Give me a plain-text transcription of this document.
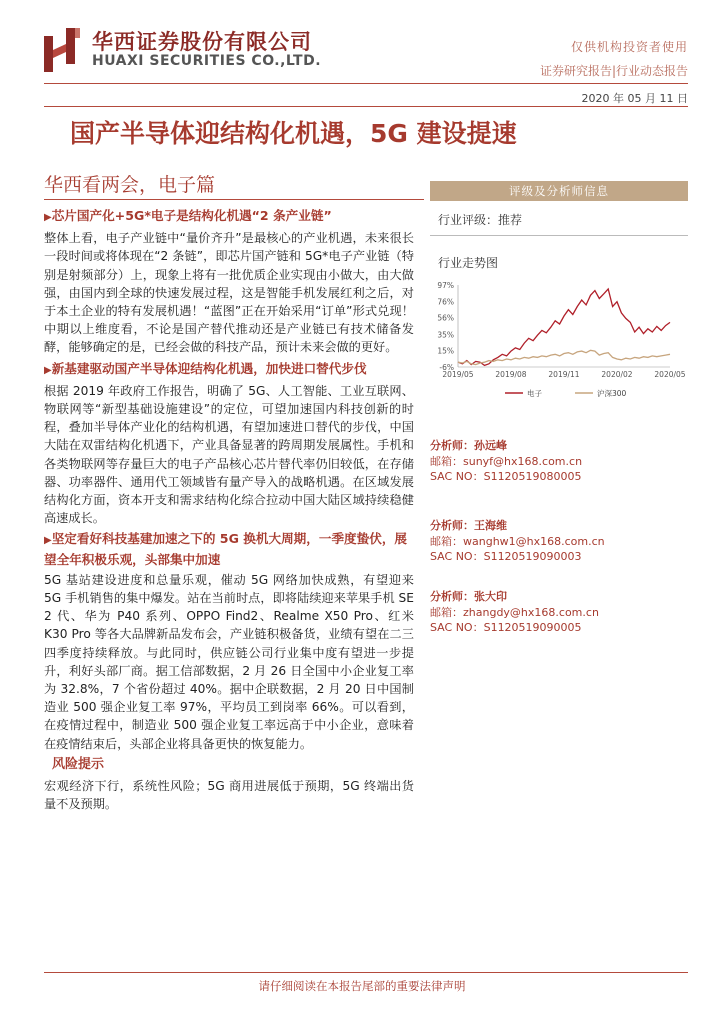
华西证券股份有限公司
HUAXI SECURITIES CO.,LTD.
仅供机构投资者使用
证券研究报告|行业动态报告
2020 年 05 月 11 日
国产半导体迎结构化机遇，5G 建设提速
华西看两会，电子篇
▶芯片国产化+5G*电子是结构化机遇“2 条产业链”
整体上看，电子产业链中“量价齐升”是最核心的产业机遇，未来很长一段时间或将体现在“2 条链”，即芯片国产链和 5G*电子产业链（特别是射频部分）上，现象上将有一批优质企业实现由小做大，由大做强，由国内到全球的快速发展过程，这是智能手机发展红利之后，对于本土企业的特有发展机遇！“蓝图”正在开始采用“订单”形式兑现！中期以上维度看，不论是国产替代推动还是产业链已有技术储备发酵，能够确定的是，已经会做的科技产品，预计未来会做的更好。
▶新基建驱动国产半导体迎结构化机遇，加快进口替代步伐
根据 2019 年政府工作报告，明确了 5G、人工智能、工业互联网、物联网等“新型基础设施建设”的定位，可望加速国内科技创新的时程，叠加半导体产业化的结构机遇，有望加速进口替代的步伐，中国大陆在双雷结构化机遇下，产业具备显著的跨周期发展属性。手机和各类物联网等存量巨大的电子产品核心芯片替代率仍旧较低，在存储器、功率器件、通用代工领域皆有量产导入的战略机遇。在区域发展结构化方面，资本开支和需求结构化综合拉动中国大陆区域持续稳健高速成长。
▶坚定看好科技基建加速之下的 5G 换机大周期，一季度蛰伏，展望全年积极乐观，头部集中加速
5G 基站建设进度和总量乐观，催动 5G 网络加快成熟，有望迎来 5G 手机销售的集中爆发。站在当前时点，即将陆续迎来苹果手机 SE 2 代、华为 P40 系列、OPPO Find2、Realme X50 Pro、红米 K30 Pro 等各大品牌新品发布会，产业链积极备货，业绩有望在二三四季度持续释放。与此同时，供应链公司行业集中度有望进一步提升，利好头部厂商。据工信部数据，2 月 26 日全国中小企业复工率为 32.8%，7 个省份超过 40%。据中企联数据，2 月 20 日中国制造业 500 强企业复工率 97%，平均员工到岗率 66%。可以看到，在疫情过程中，制造业 500 强企业复工率远高于中小企业，意味着在疫情结束后，头部企业将具备更快的恢复能力。
风险提示
宏观经济下行，系统性风险；5G 商用进展低于预期，5G 终端出货量不及预期。
评级及分析师信息
行业评级：推荐
行业走势图
97%
76%
56%
35%
15%
-6%
2019/05	2019/08	2019/11	2020/02	2020/05
电子	沪深300
分析师：孙远峰
邮箱：sunyf@hx168.com.cn
SAC NO：S1120519080005
分析师：王海维
邮箱：wanghw1@hx168.com.cn
SAC NO：S1120519090003
分析师：张大印
邮箱：zhangdy@hx168.com.cn
SAC NO：S1120519090005
请仔细阅读在本报告尾部的重要法律声明
